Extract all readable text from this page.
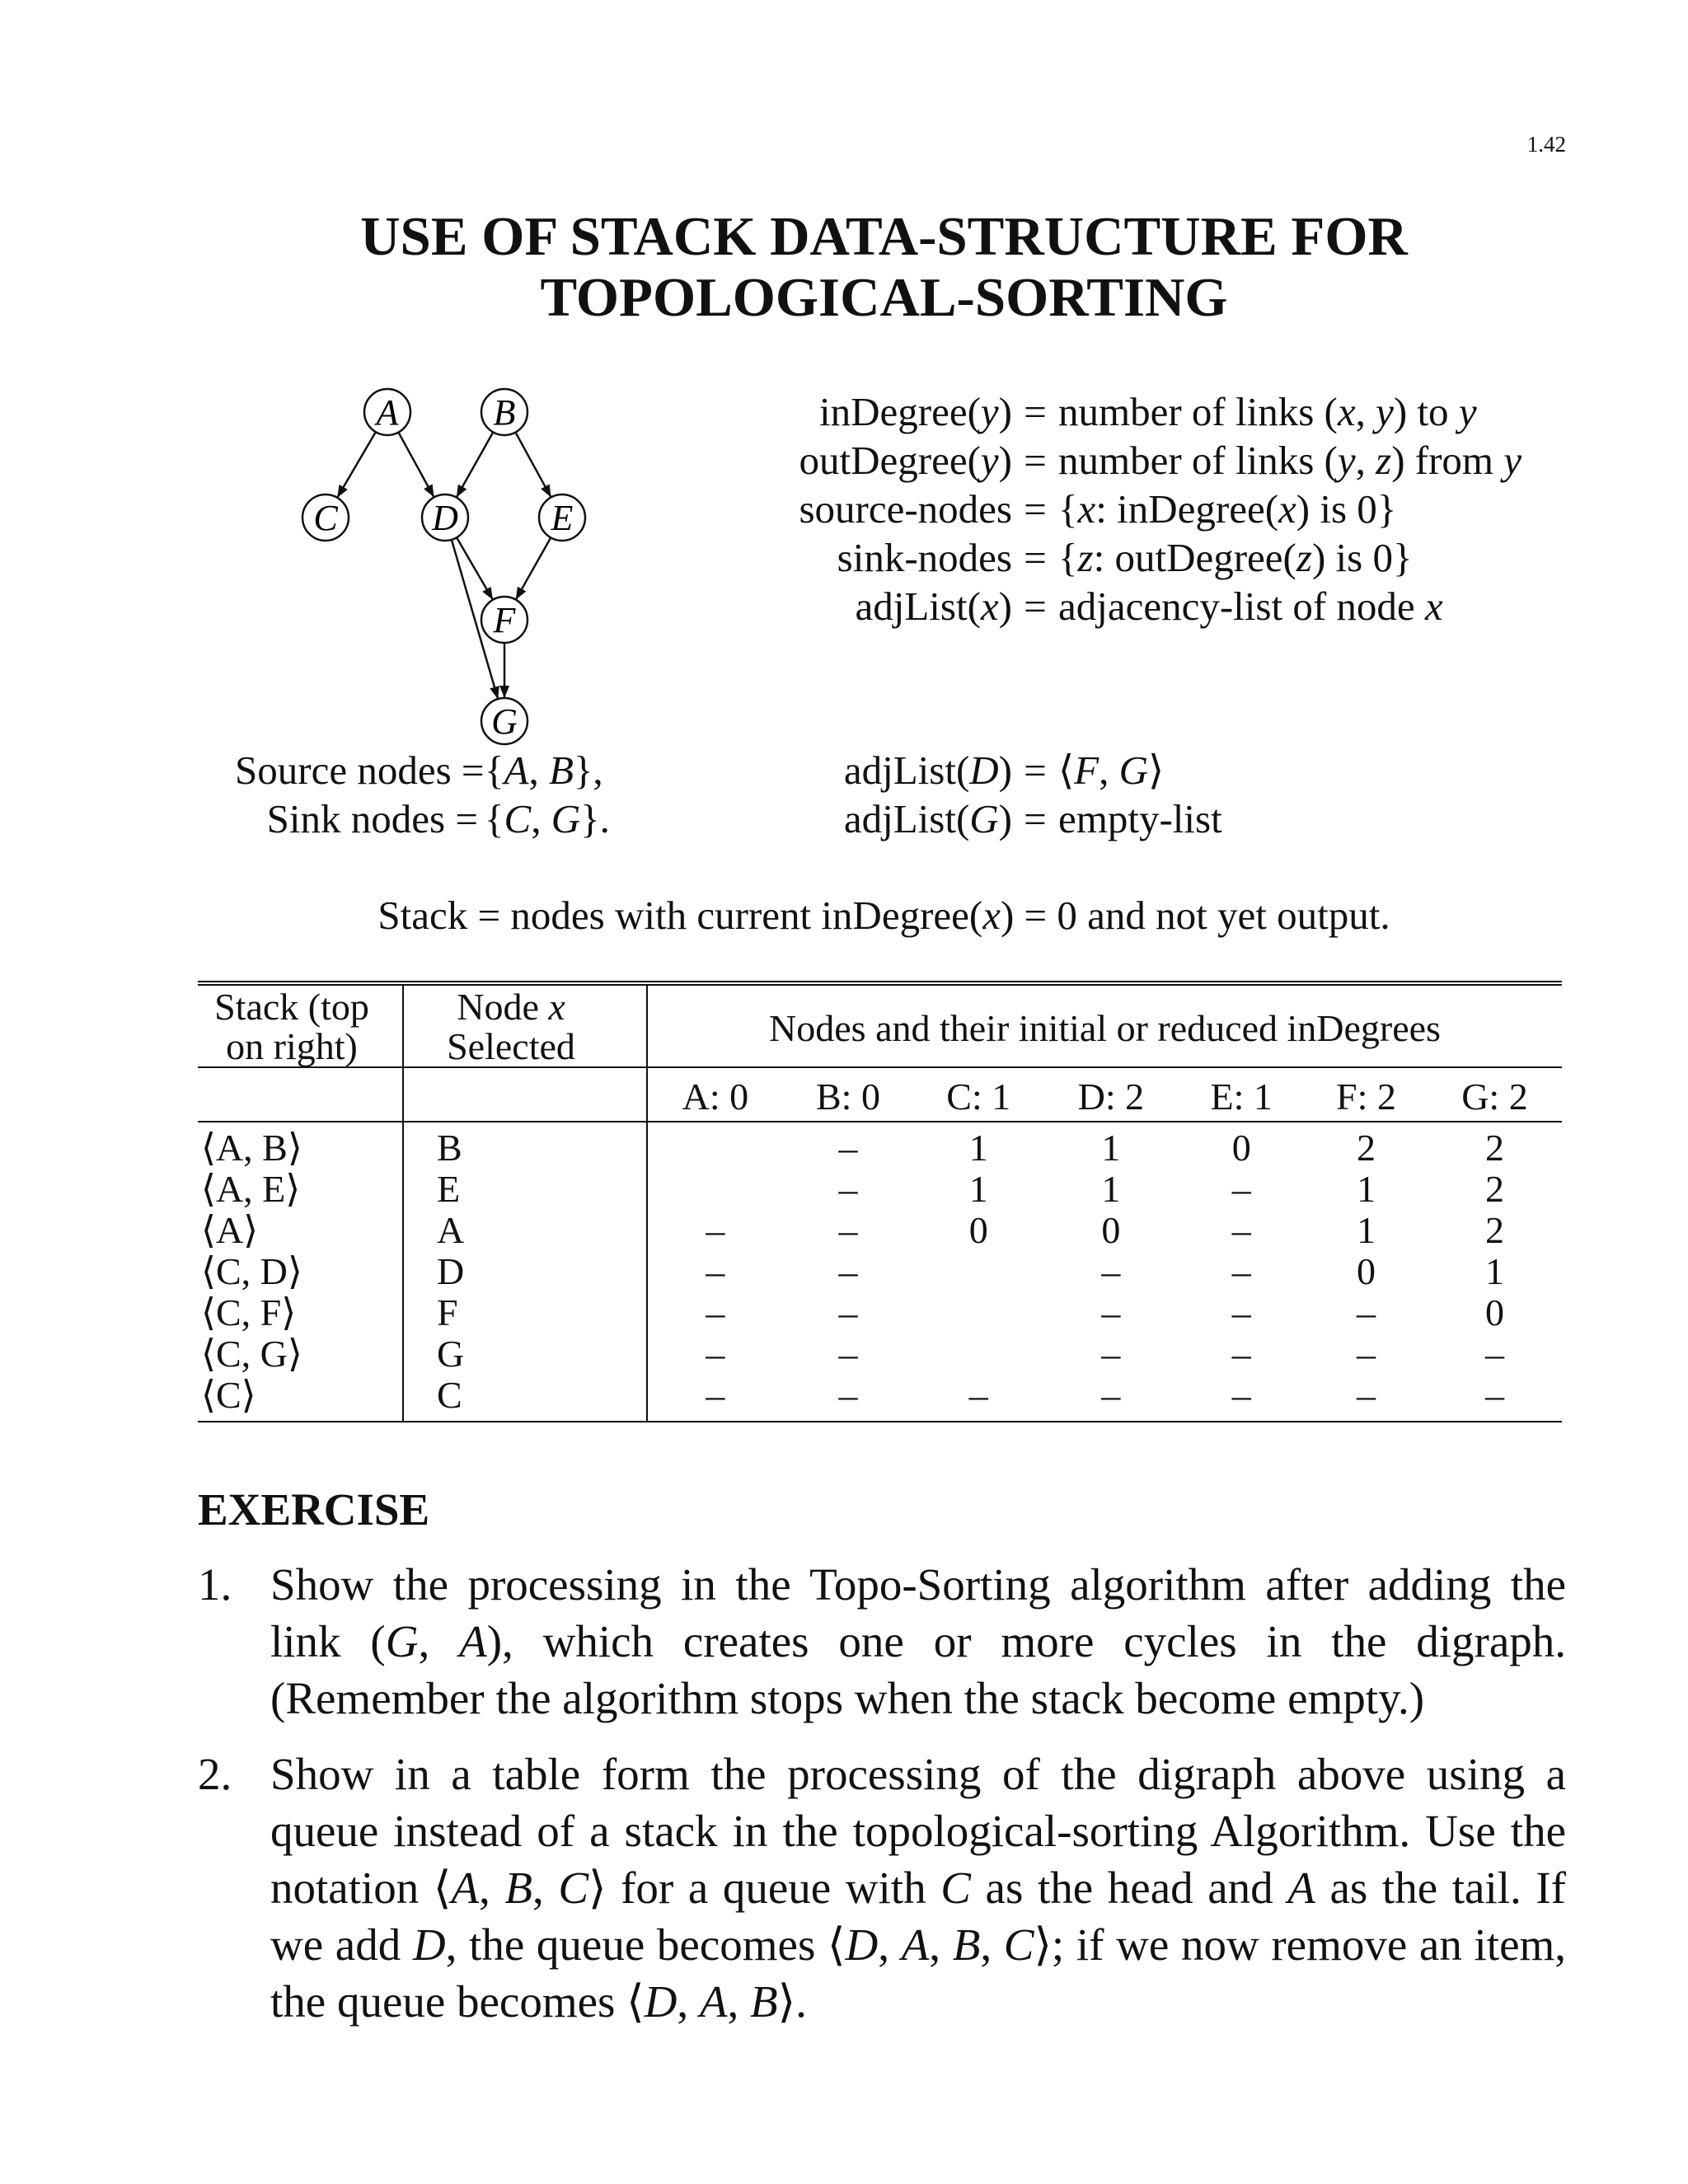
1.42
USE OF STACK DATA-STRUCTURE FOR
TOPOLOGICAL-SORTING
A	B
C	D	E
F
G
inDegree(y) = number of links (x, y) to y
outDegree(y) = number of links (y, z) from y
source-nodes = {x: inDegree(x) is 0}
sink-nodes = {z: outDegree(z) is 0}
adjList(x) = adjacency-list of node x
Source nodes = {A, B},
Sink nodes = {C, G}.
adjList(D) = ⟨F, G⟩
adjList(G) = empty-list
Stack = nodes with current inDegree(x) = 0 and not yet output.
Stack (top on right)	Node x Selected	Nodes and their initial or reduced inDegrees						
		A: 0	B: 0	C: 1	D: 2	E: 1	F: 2	G: 2
⟨A, B⟩	B		–	1	1	0	2	2
⟨A, E⟩	E		–	1	1	–	1	2
⟨A⟩	A	–	–	0	0	–	1	2
⟨C, D⟩	D	–	–		–	–	0	1
⟨C, F⟩	F	–	–		–	–	–	0
⟨C, G⟩	G	–	–		–	–	–	–
⟨C⟩	C	–	–	–	–	–	–	–
EXERCISE
1. Show the processing in the Topo-Sorting algorithm after adding the link (G, A), which creates one or more cycles in the digraph. (Remember the algorithm stops when the stack become empty.)
2. Show in a table form the processing of the digraph above using a queue instead of a stack in the topological-sorting Algorithm. Use the notation ⟨A, B, C⟩ for a queue with C as the head and A as the tail. If we add D, the queue becomes ⟨D, A, B, C⟩; if we now remove an item, the queue becomes ⟨D, A, B⟩.
